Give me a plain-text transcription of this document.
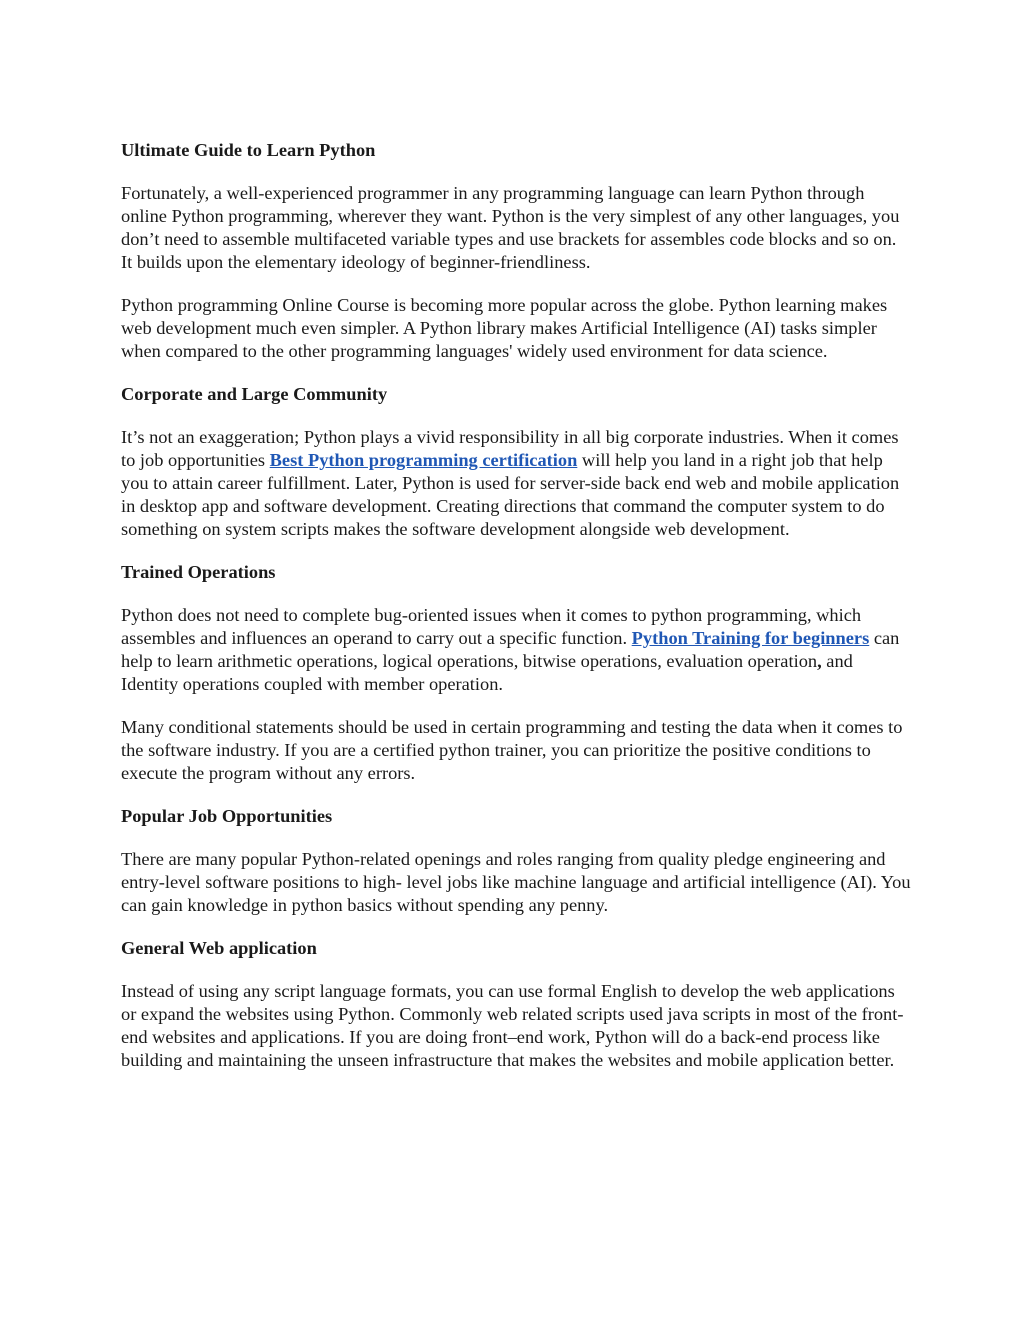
Ultimate Guide to Learn Python

Fortunately, a well-experienced programmer in any programming language can learn Python through online Python programming, wherever they want. Python is the very simplest of any other languages, you don’t need to assemble multifaceted variable types and use brackets for assembles code blocks and so on. It builds upon the elementary ideology of beginner-friendliness.

Python programming Online Course is becoming more popular across the globe. Python learning makes web development much even simpler. A Python library makes Artificial Intelligence (AI) tasks simpler when compared to the other programming languages' widely used environment for data science.

Corporate and Large Community

It’s not an exaggeration; Python plays a vivid responsibility in all big corporate industries. When it comes to job opportunities Best Python programming certification will help you land in a right job that help you to attain career fulfillment. Later, Python is used for server-side back end web and mobile application in desktop app and software development. Creating directions that command the computer system to do something on system scripts makes the software development alongside web development.

Trained Operations

Python does not need to complete bug-oriented issues when it comes to python programming, which assembles and influences an operand to carry out a specific function. Python Training for beginners can help to learn arithmetic operations, logical operations, bitwise operations, evaluation operation, and Identity operations coupled with member operation.

Many conditional statements should be used in certain programming and testing the data when it comes to the software industry. If you are a certified python trainer, you can prioritize the positive conditions to execute the program without any errors.

Popular Job Opportunities

There are many popular Python-related openings and roles ranging from quality pledge engineering and entry-level software positions to high- level jobs like machine language and artificial intelligence (AI). You can gain knowledge in python basics without spending any penny.

General Web application

Instead of using any script language formats, you can use formal English to develop the web applications or expand the websites using Python. Commonly web related scripts used java scripts in most of the front-end websites and applications. If you are doing front–end work, Python will do a back-end process like building and maintaining the unseen infrastructure that makes the websites and mobile application better.
